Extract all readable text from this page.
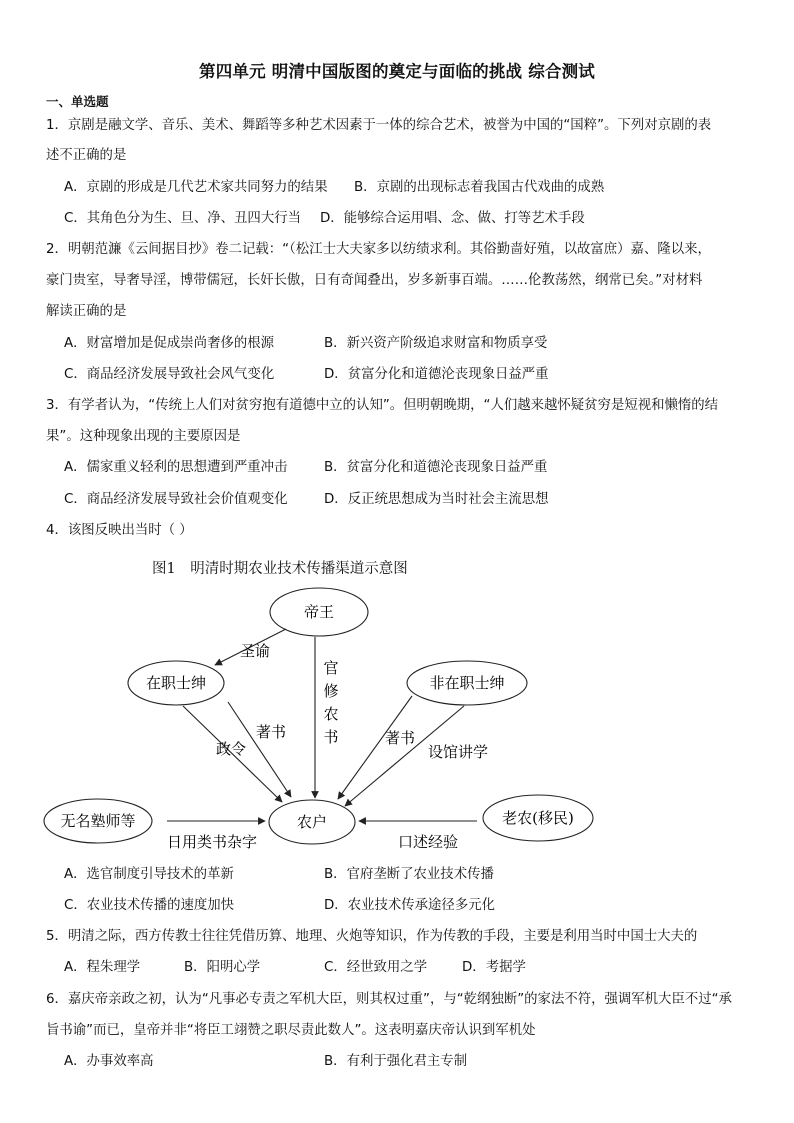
第四单元 明清中国版图的奠定与面临的挑战 综合测试
一、单选题
1．京剧是融文学、音乐、美术、舞蹈等多种艺术因素于一体的综合艺术，被誉为中国的“国粹”。下列对京剧的表
述不正确的是
A．京剧的形成是几代艺术家共同努力的结果 B．京剧的出现标志着我国古代戏曲的成熟
C．其角色分为生、旦、净、丑四大行当 D．能够综合运用唱、念、做、打等艺术手段
2．明朝范濂《云间据目抄》卷二记载：“（松江士大夫家多以纺绩求利。其俗勤啬好殖，以故富庶）嘉、隆以来，
豪门贵室，导奢导淫，博带儒冠，长奸长傲，日有奇闻叠出，岁多新事百端。……伦教荡然，纲常已矣。”对材料
解读正确的是
A．财富增加是促成崇尚奢侈的根源	B．新兴资产阶级追求财富和物质享受
C．商品经济发展导致社会风气变化	D．贫富分化和道德沦丧现象日益严重
3．有学者认为，“传统上人们对贫穷抱有道德中立的认知”。但明朝晚期，“人们越来越怀疑贫穷是短视和懒惰的结
果”。这种现象出现的主要原因是
A．儒家重义轻利的思想遭到严重冲击	B．贫富分化和道德沦丧现象日益严重
C．商品经济发展导致社会价值观变化	D．反正统思想成为当时社会主流思想
4．该图反映出当时（ ）
图1　明清时期农业技术传播渠道示意图
帝王
在职士绅	非在职士绅
无名塾师等	农户	老农(移民)
圣谕
官
修
农
书
政令
著书	著书
设馆讲学
日用类书杂字	口述经验
A．选官制度引导技术的革新	B．官府垄断了农业技术传播
C．农业技术传播的速度加快	D．农业技术传承途径多元化
5．明清之际，西方传教士往往凭借历算、地理、火炮等知识，作为传教的手段，主要是利用当时中国士大夫的
A．程朱理学	B．阳明心学	C．经世致用之学	D．考据学
6．嘉庆帝亲政之初，认为“凡事必专责之军机大臣，则其权过重”，与“乾纲独断”的家法不符，强调军机大臣不过“承
旨书谕”而已，皇帝并非“将臣工翊赞之职尽责此数人”。这表明嘉庆帝认识到军机处
A．办事效率高	B．有利于强化君主专制
